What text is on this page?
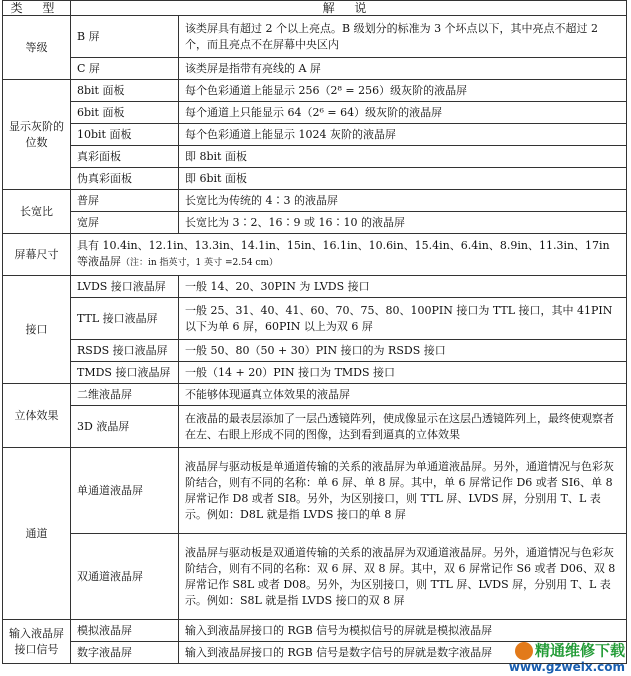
类 型	解 说	
等级	B 屏	该类屏具有超过 2 个以上亮点。B 级划分的标准为 3 个坏点以下，其中亮点不超过 2 个，而且亮点不在屏幕中央区内
	C 屏	该类屏是指带有亮线的 A 屏
显示灰阶的位数	8bit 面板	每个色彩通道上能显示 256（2⁸ = 256）级灰阶的液晶屏
	6bit 面板	每个通道上只能显示 64（2⁶ = 64）级灰阶的液晶屏
	10bit 面板	每个色彩通道上能显示 1024 灰阶的液晶屏
	真彩面板	即 8bit 面板
	伪真彩面板	即 6bit 面板
长宽比	普屏	长宽比为传统的 4∶3 的液晶屏
	宽屏	长宽比为 3∶2、16∶9 或 16∶10 的液晶屏
屏幕尺寸	具有 10.4in、12.1in、13.3in、14.1in、15in、16.1in、10.6in、15.4in、6.4in、8.9in、11.3in、17in 等液晶屏（注：in 指英寸，1 英寸 =2.54 cm）	
接口	LVDS 接口液晶屏	一般 14、20、30PIN 为 LVDS 接口
	TTL 接口液晶屏	一般 25、31、40、41、60、70、75、80、100PIN 接口为 TTL 接口，其中 41PIN 以下为单 6 屏，60PIN 以上为双 6 屏
	RSDS 接口液晶屏	一般 50、80（50 + 30）PIN 接口的为 RSDS 接口
	TMDS 接口液晶屏	一般（14 + 20）PIN 接口为 TMDS 接口
立体效果	二维液晶屏	不能够体现逼真立体效果的液晶屏
	3D 液晶屏	在液晶的最表层添加了一层凸透镜阵列，使成像显示在这层凸透镜阵列上，最终使观察者在左、右眼上形成不同的图像，达到看到逼真的立体效果
通道	单通道液晶屏	液晶屏与驱动板是单通道传输的关系的液晶屏为单通道液晶屏。另外，通道情况与色彩灰阶结合，则有不同的名称：单 6 屏、单 8 屏。其中，单 6 屏常记作 D6 或者 SI6、单 8 屏常记作 D8 或者 SI8。另外，为区别接口，则 TTL 屏、LVDS 屏，分别用 T、L 表示。例如：D8L 就是指 LVDS 接口的单 8 屏
	双通道液晶屏	液晶屏与驱动板是双通道传输的关系的液晶屏为双通道液晶屏。另外，通道情况与色彩灰阶结合，则有不同的名称：双 6 屏、双 8 屏。其中，双 6 屏常记作 S6 或者 D06、双 8 屏常记作 S8L 或者 D08。另外，为区别接口，则 TTL 屏、LVDS 屏，分别用 T、L 表示。例如：S8L 就是指 LVDS 接口的双 8 屏
输入液晶屏接口信号	模拟液晶屏	输入到液晶屏接口的 RGB 信号为模拟信号的屏就是模拟液晶屏
	数字液晶屏	输入到液晶屏接口的 RGB 信号是数字信号的屏就是数字液晶屏	精通维修下载
www.gzweix.com
